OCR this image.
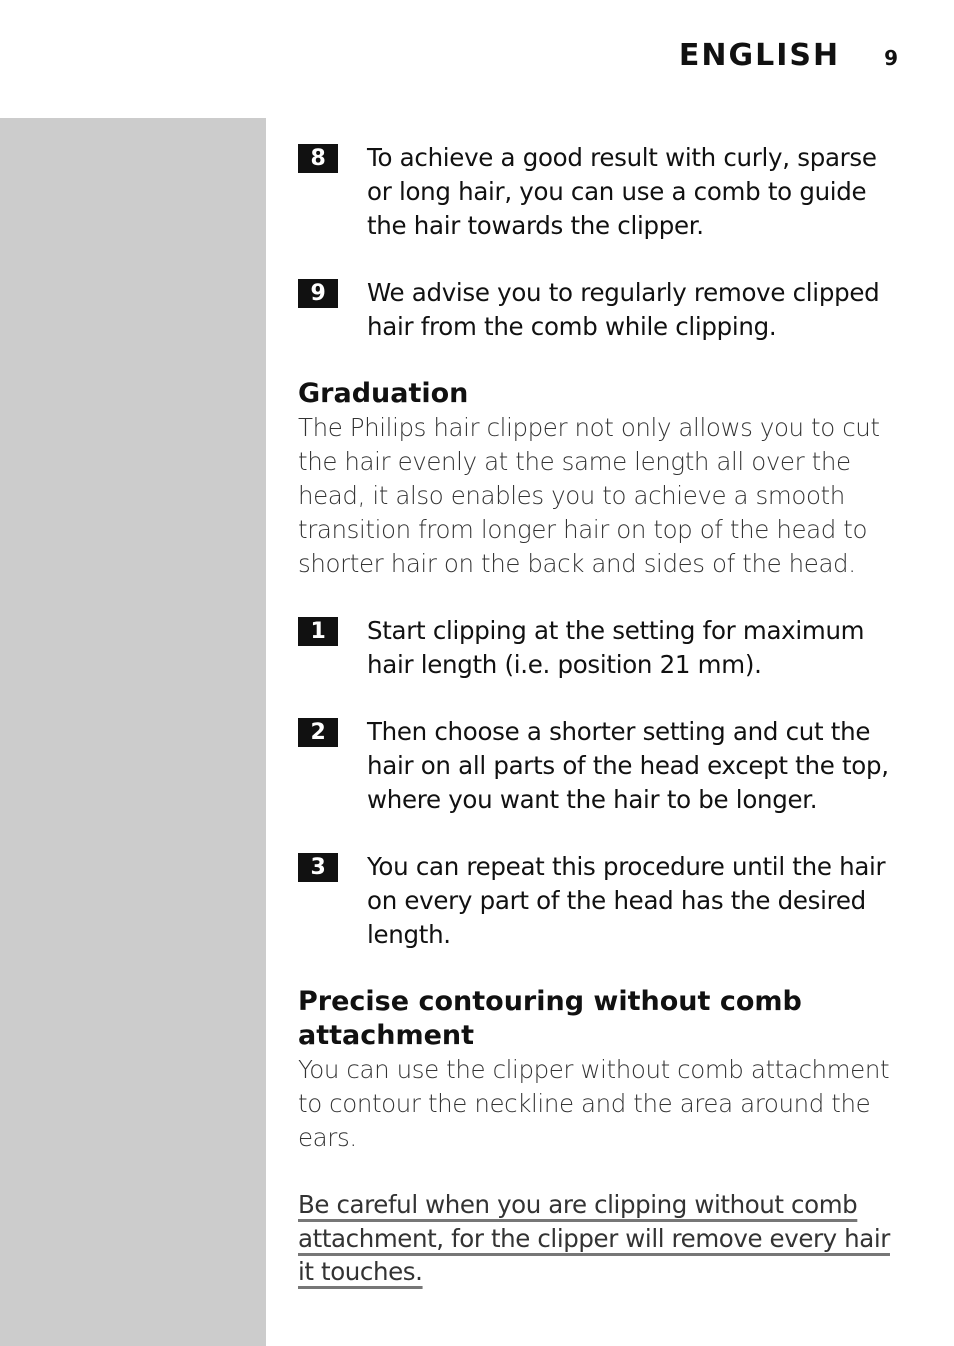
ENGLISH 9
8	To achieve a good result with curly, sparse or long hair, you can use a comb to guide the hair towards the clipper.
9	We advise you to regularly remove clipped hair from the comb while clipping.
Graduation
The Philips hair clipper not only allows you to cut the hair evenly at the same length all over the head, it also enables you to achieve a smooth transition from longer hair on top of the head to shorter hair on the back and sides of the head.
1	Start clipping at the setting for maximum hair length (i.e. position 21 mm).
2	Then choose a shorter setting and cut the hair on all parts of the head except the top, where you want the hair to be longer.
3	You can repeat this procedure until the hair on every part of the head has the desired length.
Precise contouring without comb attachment
You can use the clipper without comb attachment to contour the neckline and the area around the ears.
Be careful when you are clipping without comb attachment, for the clipper will remove every hair it touches.
